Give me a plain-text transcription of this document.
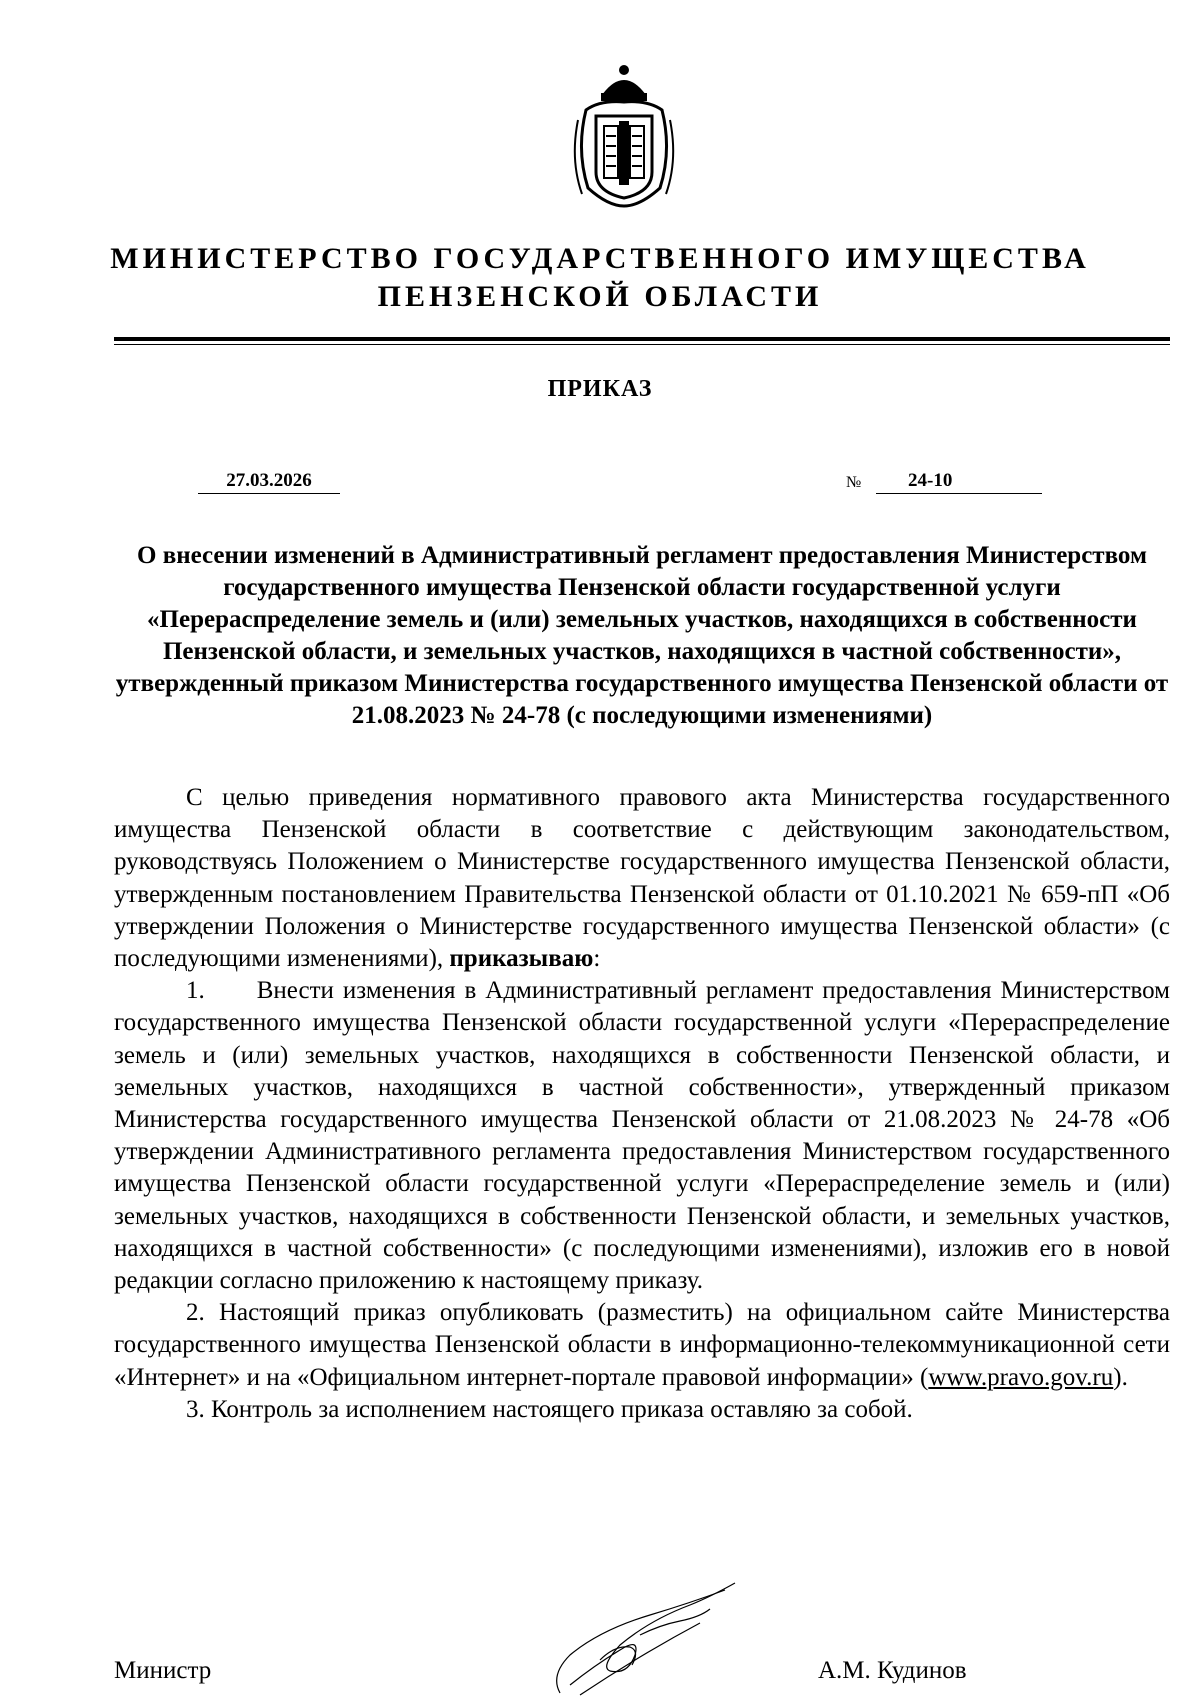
МИНИСТЕРСТВО ГОСУДАРСТВЕННОГО ИМУЩЕСТВА
ПЕНЗЕНСКОЙ ОБЛАСТИ
ПРИКАЗ
27.03.2026	№	24-10

О внесении изменений в Административный регламент предоставления Министерством государственного имущества Пензенской области государственной услуги «Перераспределение земель и (или) земельных участков, находящихся в собственности Пензенской области, и земельных участков, находящихся в частной собственности», утвержденный приказом Министерства государственного имущества Пензенской области от 21.08.2023 № 24-78 (с последующими изменениями)

С целью приведения нормативного правового акта Министерства государственного имущества Пензенской области в соответствие с действующим законодательством, руководствуясь Положением о Министерстве государственного имущества Пензенской области, утвержденным постановлением Правительства Пензенской области от 01.10.2021 № 659-пП «Об утверждении Положения о Министерстве государственного имущества Пензенской области» (с последующими изменениями), приказываю:

1. Внести изменения в Административный регламент предоставления Министерством государственного имущества Пензенской области государственной услуги «Перераспределение земель и (или) земельных участков, находящихся в собственности Пензенской области, и земельных участков, находящихся в частной собственности», утвержденный приказом Министерства государственного имущества Пензенской области от 21.08.2023 № 24-78 «Об утверждении Административного регламента предоставления Министерством государственного имущества Пензенской области государственной услуги «Перераспределение земель и (или) земельных участков, находящихся в собственности Пензенской области, и земельных участков, находящихся в частной собственности» (с последующими изменениями), изложив его в новой редакции согласно приложению к настоящему приказу.

2. Настоящий приказ опубликовать (разместить) на официальном сайте Министерства государственного имущества Пензенской области в информационно-телекоммуникационной сети «Интернет» и на «Официальном интернет-портале правовой информации» (www.pravo.gov.ru).

3. Контроль за исполнением настоящего приказа оставляю за собой.

Министр	А.М. Кудинов
